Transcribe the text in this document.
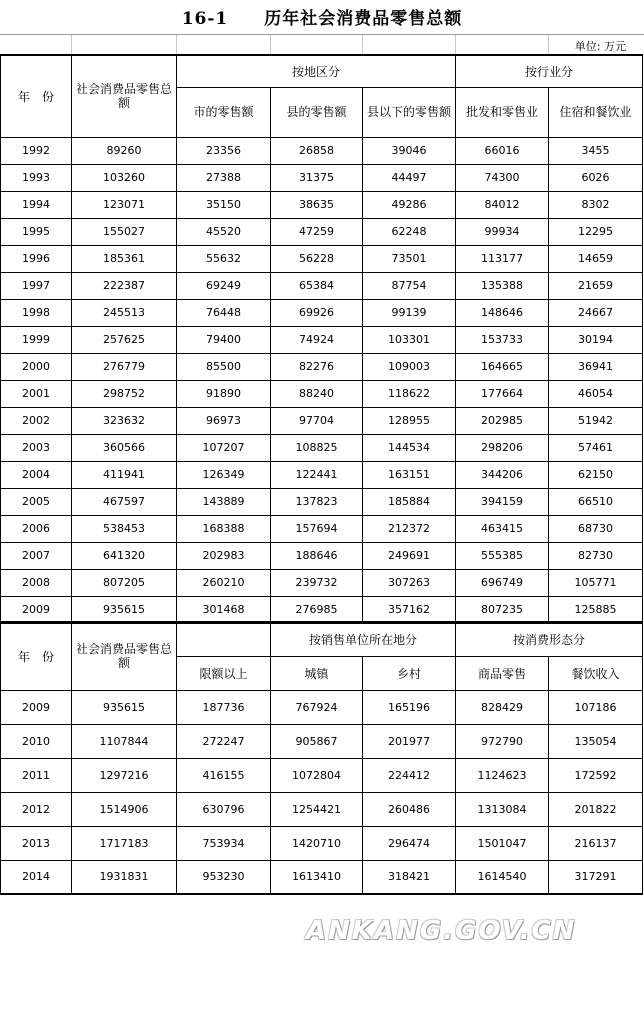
16-1 历年社会消费品零售总额
单位: 万元
年　份	社会消费品零售总额	按地区分			按行业分	
		市的零售额	县的零售额	县以下的零售额	批发和零售业	住宿和餐饮业
1992	89260	23356	26858	39046	66016	3455
1993	103260	27388	31375	44497	74300	6026
1994	123071	35150	38635	49286	84012	8302
1995	155027	45520	47259	62248	99934	12295
1996	185361	55632	56228	73501	113177	14659
1997	222387	69249	65384	87754	135388	21659
1998	245513	76448	69926	99139	148646	24667
1999	257625	79400	74924	103301	153733	30194
2000	276779	85500	82276	109003	164665	36941
2001	298752	91890	88240	118622	177664	46054
2002	323632	96973	97704	128955	202985	51942
2003	360566	107207	108825	144534	298206	57461
2004	411941	126349	122441	163151	344206	62150
2005	467597	143889	137823	185884	394159	66510
2006	538453	168388	157694	212372	463415	68730
2007	641320	202983	188646	249691	555385	82730
2008	807205	260210	239732	307263	696749	105771
2009	935615	301468	276985	357162	807235	125885
年　份	社会消费品零售总额		按销售单位所在地分		按消费形态分	
		限额以上	城镇	乡村	商品零售	餐饮收入
2009	935615	187736	767924	165196	828429	107186
2010	1107844	272247	905867	201977	972790	135054
2011	1297216	416155	1072804	224412	1124623	172592
2012	1514906	630796	1254421	260486	1313084	201822
2013	1717183	753934	1420710	296474	1501047	216137
2014	1931831	953230	1613410	318421	1614540	317291
ANKANG.GOV.CN
